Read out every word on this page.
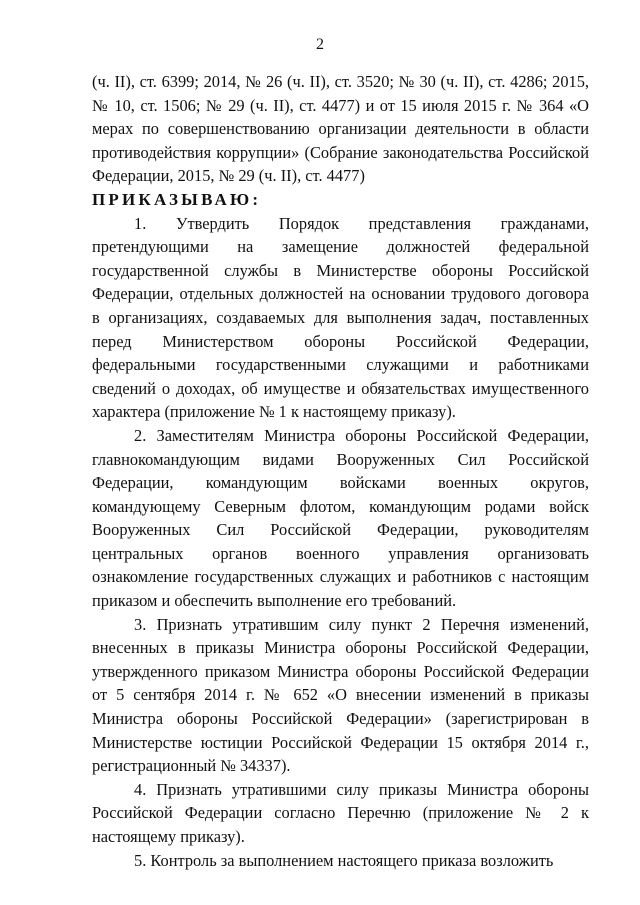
2

(ч. II), ст. 6399; 2014, № 26 (ч. II), ст. 3520; № 30 (ч. II), ст. 4286; 2015, № 10, ст. 1506; № 29 (ч. II), ст. 4477) и от 15 июля 2015 г. № 364 «О мерах по совершенствованию организации деятельности в области противодействия коррупции» (Собрание законодательства Российской Федерации, 2015, № 29 (ч. II), ст. 4477)

ПРИКАЗЫВАЮ:

1. Утвердить Порядок представления гражданами, претендующими на замещение должностей федеральной государственной службы в Министерстве обороны Российской Федерации, отдельных должностей на основании трудового договора в организациях, создаваемых для выполнения задач, поставленных перед Министерством обороны Российской Федерации, федеральными государственными служащими и работниками сведений о доходах, об имуществе и обязательствах имущественного характера (приложение № 1 к настоящему приказу).

2. Заместителям Министра обороны Российской Федерации, главнокомандующим видами Вооруженных Сил Российской Федерации, командующим войсками военных округов, командующему Северным флотом, командующим родами войск Вооруженных Сил Российской Федерации, руководителям центральных органов военного управления организовать ознакомление государственных служащих и работников с настоящим приказом и обеспечить выполнение его требований.

3. Признать утратившим силу пункт 2 Перечня изменений, внесенных в приказы Министра обороны Российской Федерации, утвержденного приказом Министра обороны Российской Федерации от 5 сентября 2014 г. № 652 «О внесении изменений в приказы Министра обороны Российской Федерации» (зарегистрирован в Министерстве юстиции Российской Федерации 15 октября 2014 г., регистрационный № 34337).

4. Признать утратившими силу приказы Министра обороны Российской Федерации согласно Перечню (приложение № 2 к настоящему приказу).

5. Контроль за выполнением настоящего приказа возложить
